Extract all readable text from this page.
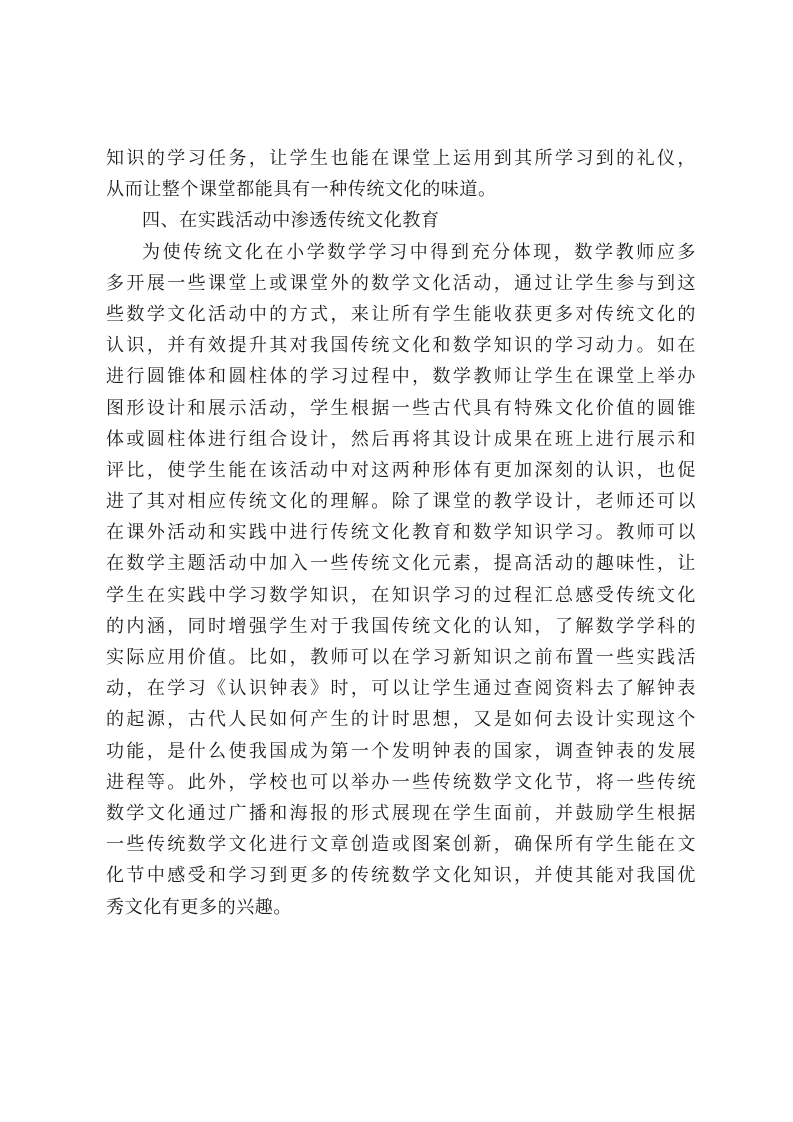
知识的学习任务，让学生也能在课堂上运用到其所学习到的礼仪，
从而让整个课堂都能具有一种传统文化的味道。
四、在实践活动中渗透传统文化教育
为使传统文化在小学数学学习中得到充分体现，数学教师应多
多开展一些课堂上或课堂外的数学文化活动，通过让学生参与到这
些数学文化活动中的方式，来让所有学生能收获更多对传统文化的
认识，并有效提升其对我国传统文化和数学知识的学习动力。如在
进行圆锥体和圆柱体的学习过程中，数学教师让学生在课堂上举办
图形设计和展示活动，学生根据一些古代具有特殊文化价值的圆锥
体或圆柱体进行组合设计，然后再将其设计成果在班上进行展示和
评比，使学生能在该活动中对这两种形体有更加深刻的认识，也促
进了其对相应传统文化的理解。除了课堂的教学设计，老师还可以
在课外活动和实践中进行传统文化教育和数学知识学习。教师可以
在数学主题活动中加入一些传统文化元素，提高活动的趣味性，让
学生在实践中学习数学知识，在知识学习的过程汇总感受传统文化
的内涵，同时增强学生对于我国传统文化的认知，了解数学学科的
实际应用价值。比如，教师可以在学习新知识之前布置一些实践活
动，在学习《认识钟表》时，可以让学生通过查阅资料去了解钟表
的起源，古代人民如何产生的计时思想，又是如何去设计实现这个
功能，是什么使我国成为第一个发明钟表的国家，调查钟表的发展
进程等。此外，学校也可以举办一些传统数学文化节，将一些传统
数学文化通过广播和海报的形式展现在学生面前，并鼓励学生根据
一些传统数学文化进行文章创造或图案创新，确保所有学生能在文
化节中感受和学习到更多的传统数学文化知识，并使其能对我国优
秀文化有更多的兴趣。
